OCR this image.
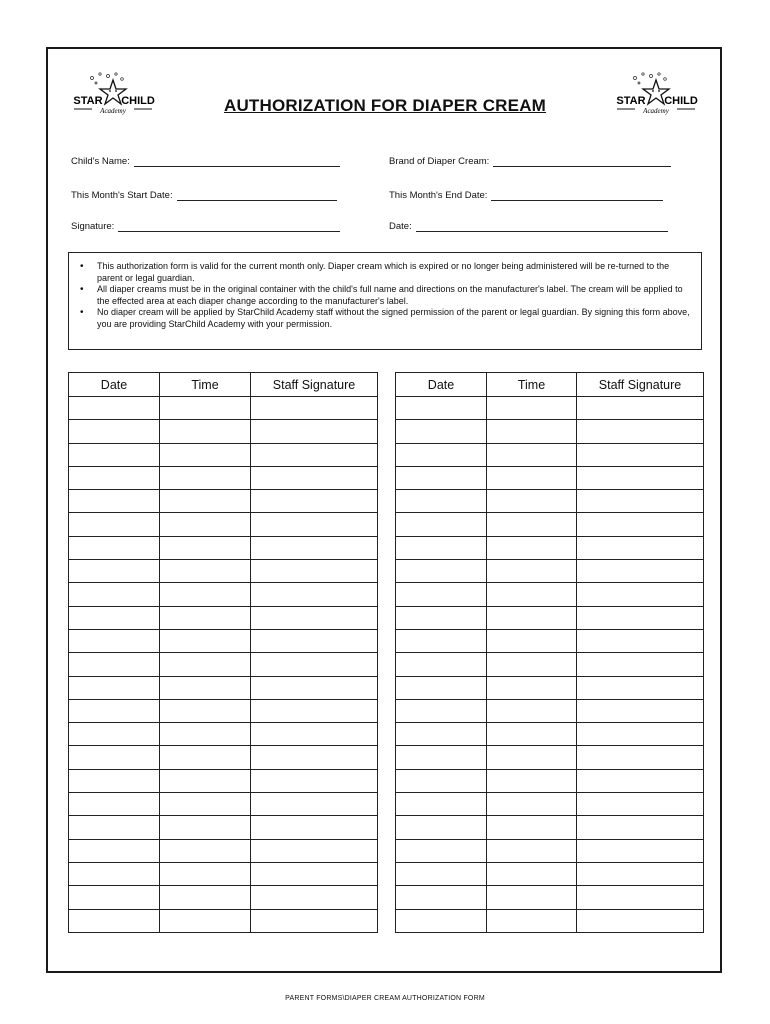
STAR CHILD
Academy
STAR CHILD
Academy
AUTHORIZATION FOR DIAPER CREAM
Child's Name:	Brand of Diaper Cream:
This Month's Start Date:	This Month's End Date:
Signature:	Date:
• This authorization form is valid for the current month only. Diaper cream which is expired or no longer being administered will be re-turned to the parent or legal guardian.
• All diaper creams must be in the original container with the child's full name and directions on the manufacturer's label. The cream will be applied to the effected area at each diaper change according to the manufacturer's label.
• No diaper cream will be applied by StarChild Academy staff without the signed permission of the parent or legal guardian. By signing this form above, you are providing StarChild Academy with your permission.
Date	Time	Staff Signature

			Date	Time	Staff Signature

PARENT FORMS\DIAPER CREAM AUTHORIZATION FORM
